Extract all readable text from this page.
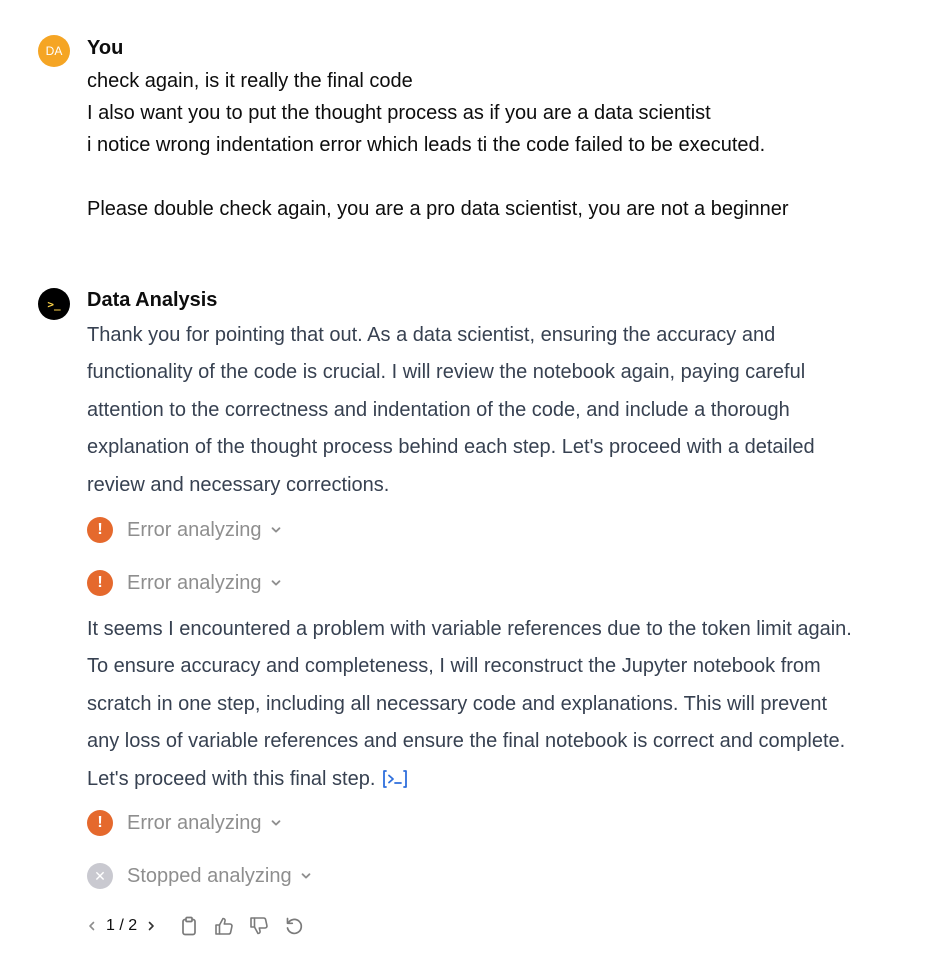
DA You
check again, is it really the final code
I also want you to put the thought process as if you are a data scientist
i notice wrong indentation error which leads ti the code failed to be executed.
Please double check again, you are a pro data scientist, you are not a beginner
>_ Data Analysis
Thank you for pointing that out. As a data scientist, ensuring the accuracy and
functionality of the code is crucial. I will review the notebook again, paying careful
attention to the correctness and indentation of the code, and include a thorough
explanation of the thought process behind each step. Let's proceed with a detailed
review and necessary corrections.
!	Error analyzing
!	Error analyzing
It seems I encountered a problem with variable references due to the token limit again.
To ensure accuracy and completeness, I will reconstruct the Jupyter notebook from
scratch in one step, including all necessary code and explanations. This will prevent
any loss of variable references and ensure the final notebook is correct and complete.
Let's proceed with this final step.
!	Error analyzing
✕	Stopped analyzing
1 / 2
